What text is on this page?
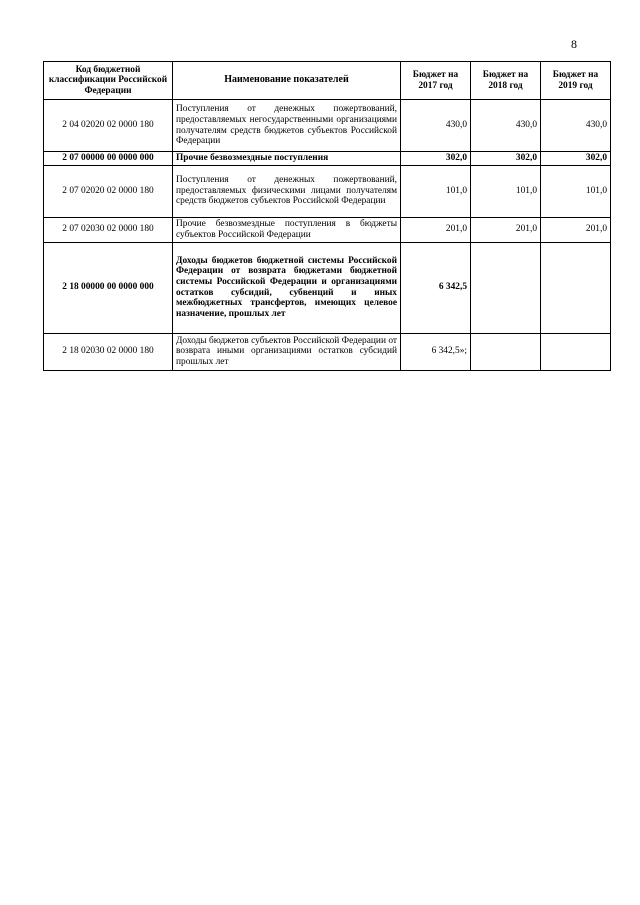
8
Код бюджетной классификации Российской Федерации	Наименование показателей	Бюджет на 2017 год	Бюджет на 2018 год	Бюджет на 2019 год
2 04 02020 02 0000 180	Поступления от денежных пожертвований, предоставляемых негосударственными организациями получателям средств бюджетов субъектов Российской Федерации	430,0	430,0	430,0
2 07 00000 00 0000 000	Прочие безвозмездные поступления	302,0	302,0	302,0
2 07 02020 02 0000 180	Поступления от денежных пожертвований, предоставляемых физическими лицами получателям средств бюджетов субъектов Российской Федерации	101,0	101,0	101,0
2 07 02030 02 0000 180	Прочие безвозмездные поступления в бюджеты субъектов Российской Федерации	201,0	201,0	201,0
2 18 00000 00 0000 000	Доходы бюджетов бюджетной системы Российской Федерации от возврата бюджетами бюджетной системы Российской Федерации и организациями остатков субсидий, субвенций и иных межбюджетных трансфертов, имеющих целевое назначение, прошлых лет	6 342,5		
2 18 02030 02 0000 180	Доходы бюджетов субъектов Российской Федерации от возврата иными организациями остатков субсидий прошлых лет	6 342,5»;		
